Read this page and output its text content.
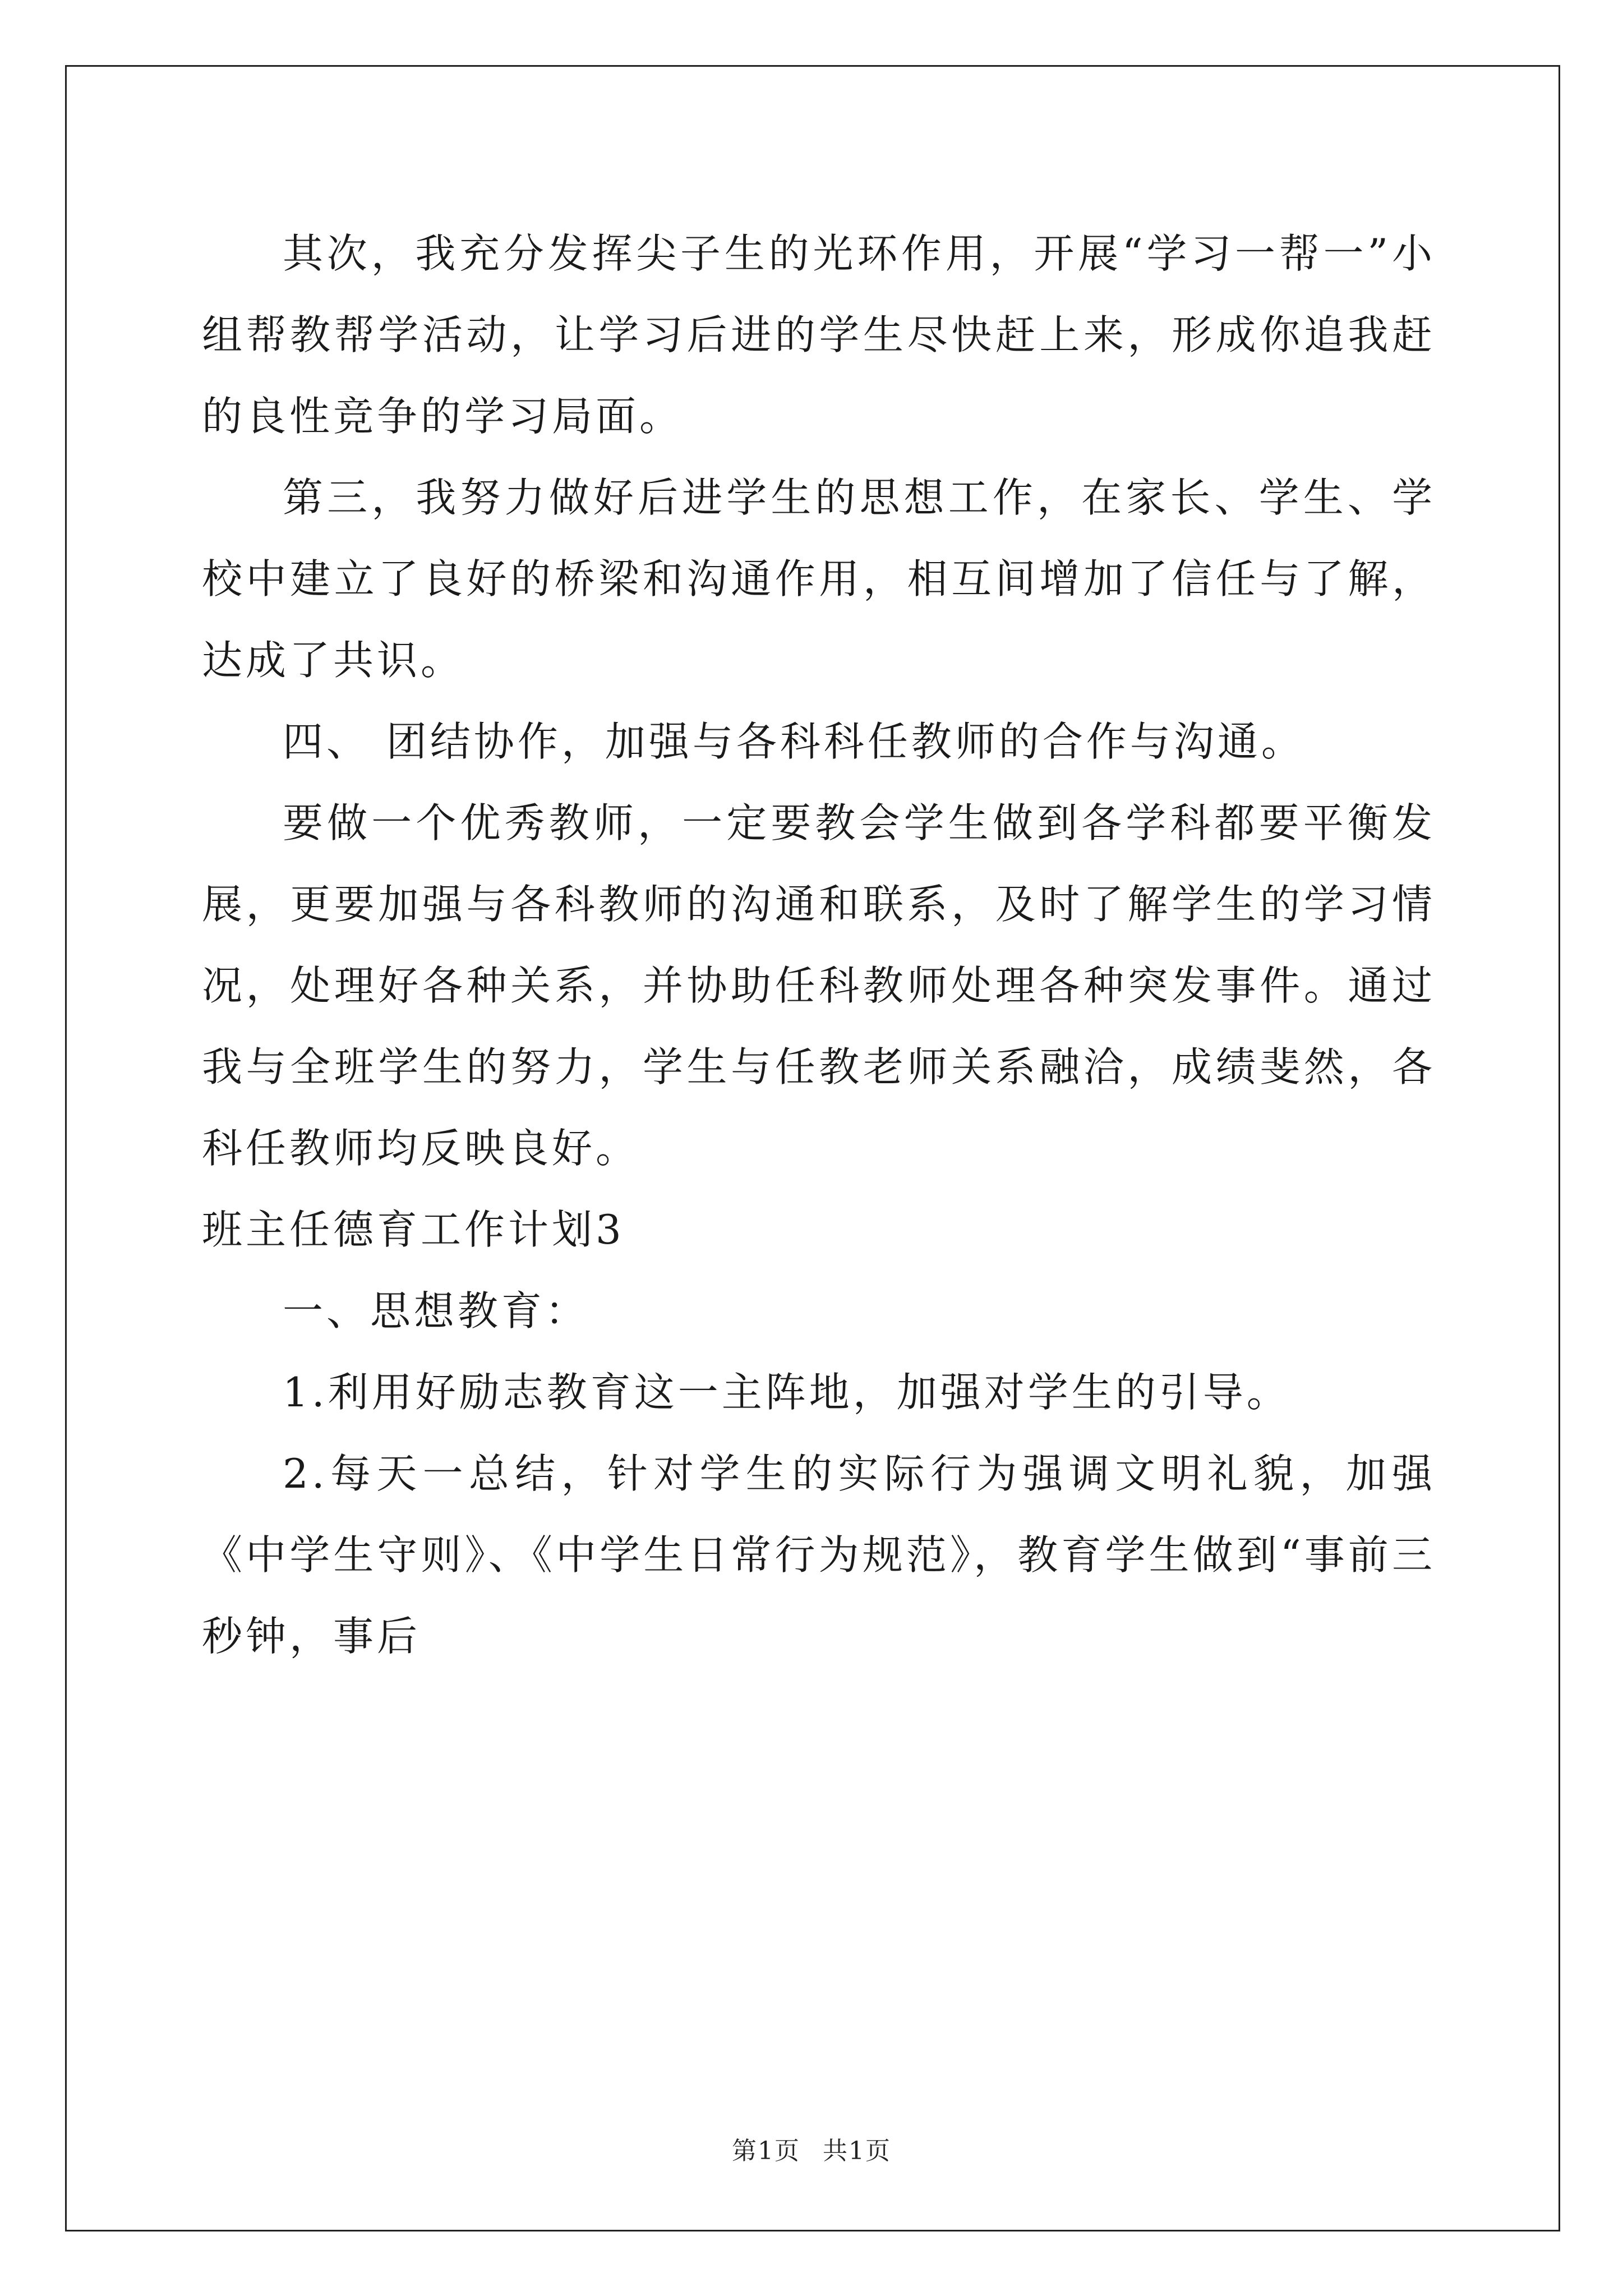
其次，我充分发挥尖子生的光环作用，开展“学习一帮一”小组帮教帮学活动，让学习后进的学生尽快赶上来，形成你追我赶的良性竞争的学习局面。

第三，我努力做好后进学生的思想工作，在家长、学生、学校中建立了良好的桥梁和沟通作用，相互间增加了信任与了解，达成了共识。

四、 团结协作，加强与各科科任教师的合作与沟通。

要做一个优秀教师，一定要教会学生做到各学科都要平衡发展，更要加强与各科教师的沟通和联系，及时了解学生的学习情况，处理好各种关系，并协助任科教师处理各种突发事件。通过我与全班学生的努力，学生与任教老师关系融洽，成绩斐然，各科任教师均反映良好。

班主任德育工作计划3

一、思想教育：

1.利用好励志教育这一主阵地，加强对学生的引导。

2.每天一总结，针对学生的实际行为强调文明礼貌，加强《中学生守则》、《中学生日常行为规范》，教育学生做到“事前三秒钟，事后

第1页 共1页
